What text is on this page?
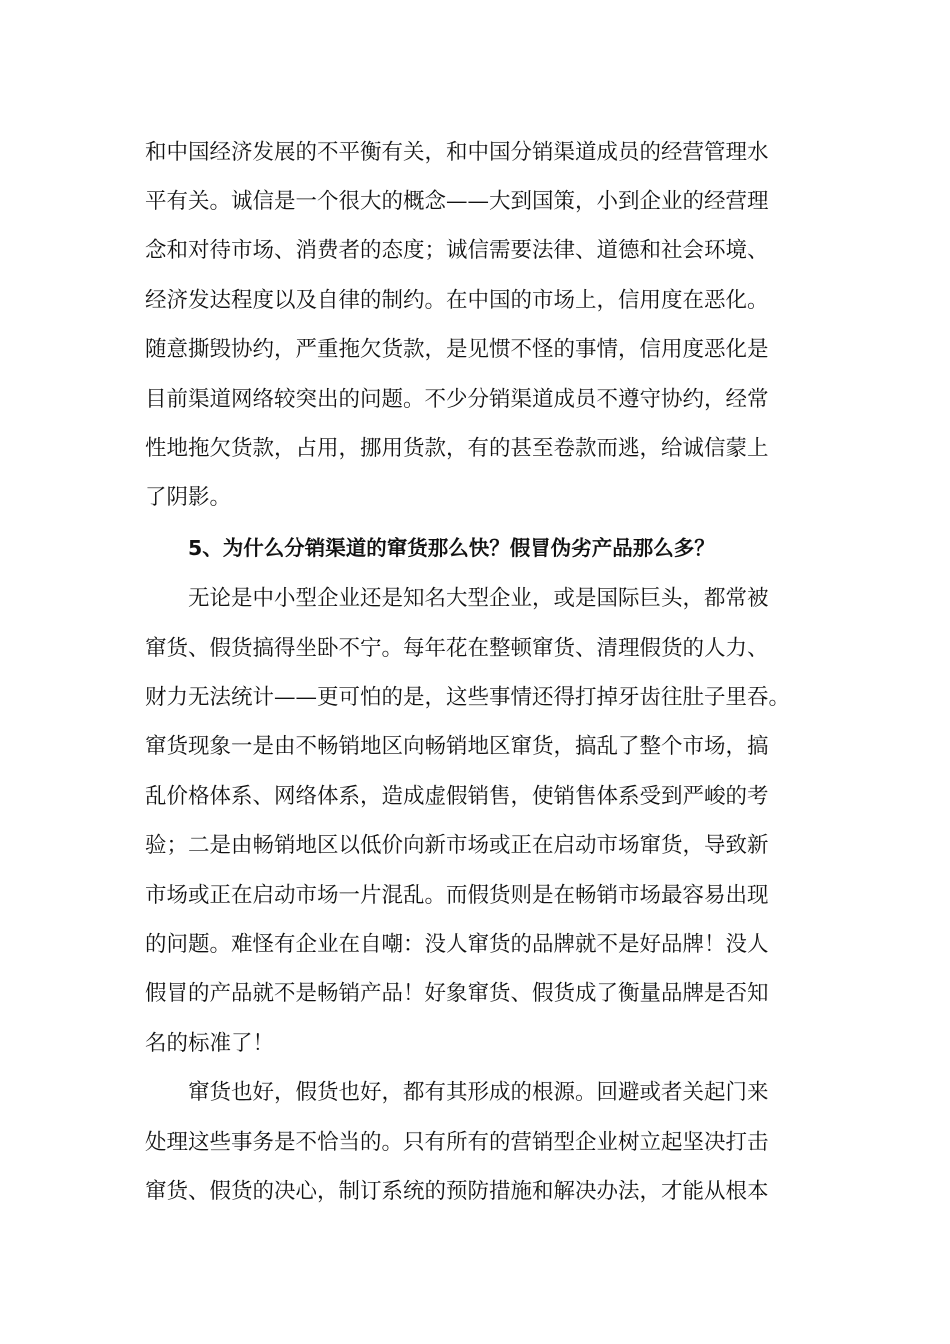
和中国经济发展的不平衡有关，和中国分销渠道成员的经营管理水
平有关。诚信是一个很大的概念——大到国策，小到企业的经营理
念和对待市场、消费者的态度；诚信需要法律、道德和社会环境、
经济发达程度以及自律的制约。在中国的市场上，信用度在恶化。
随意撕毁协约，严重拖欠货款，是见惯不怪的事情，信用度恶化是
目前渠道网络较突出的问题。不少分销渠道成员不遵守协约，经常
性地拖欠货款，占用，挪用货款，有的甚至卷款而逃，给诚信蒙上
了阴影。
5、为什么分销渠道的窜货那么快？假冒伪劣产品那么多？
无论是中小型企业还是知名大型企业，或是国际巨头，都常被
窜货、假货搞得坐卧不宁。每年花在整顿窜货、清理假货的人力、
财力无法统计——更可怕的是，这些事情还得打掉牙齿往肚子里吞。
窜货现象一是由不畅销地区向畅销地区窜货，搞乱了整个市场，搞
乱价格体系、网络体系，造成虚假销售，使销售体系受到严峻的考
验；二是由畅销地区以低价向新市场或正在启动市场窜货，导致新
市场或正在启动市场一片混乱。而假货则是在畅销市场最容易出现
的问题。难怪有企业在自嘲：没人窜货的品牌就不是好品牌！没人
假冒的产品就不是畅销产品！好象窜货、假货成了衡量品牌是否知
名的标准了！
窜货也好，假货也好，都有其形成的根源。回避或者关起门来
处理这些事务是不恰当的。只有所有的营销型企业树立起坚决打击
窜货、假货的决心，制订系统的预防措施和解决办法，才能从根本
